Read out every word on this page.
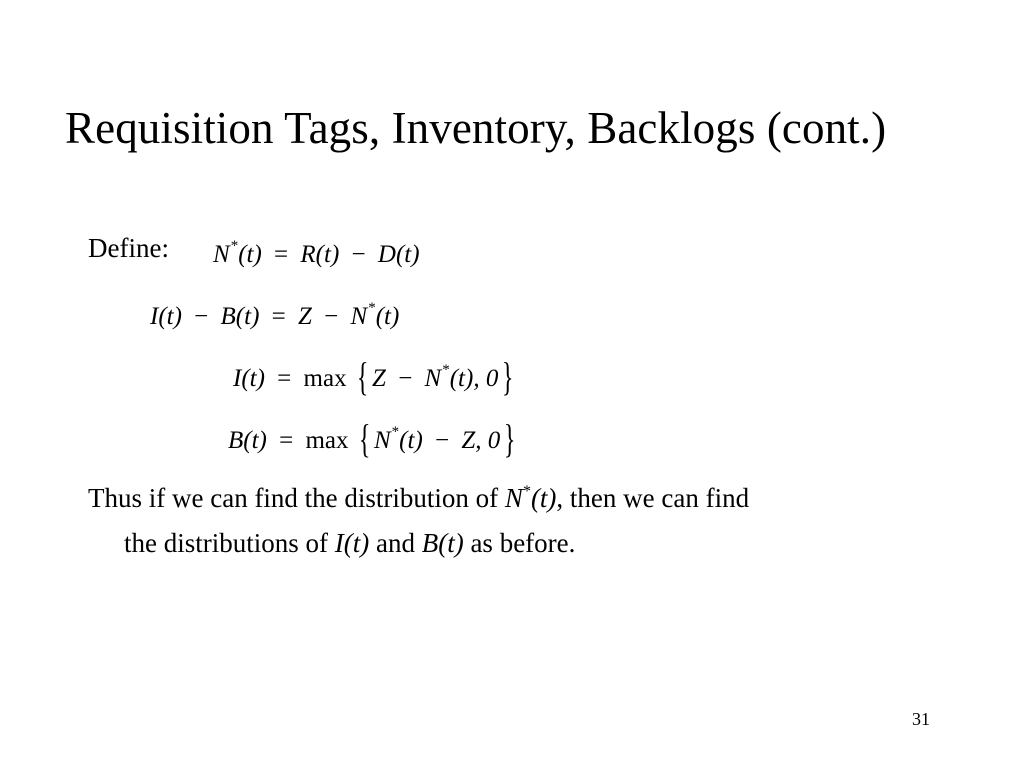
Requisition Tags, Inventory, Backlogs (cont.)
Define: N*(t) = R(t) − D(t)
I(t) − B(t) = Z − N*(t)
I(t) = max { Z − N*(t), 0}
B(t) = max { N*(t) − Z, 0}
Thus if we can find the distribution of N*(t), then we can find
the distributions of I(t) and B(t) as before.
31
